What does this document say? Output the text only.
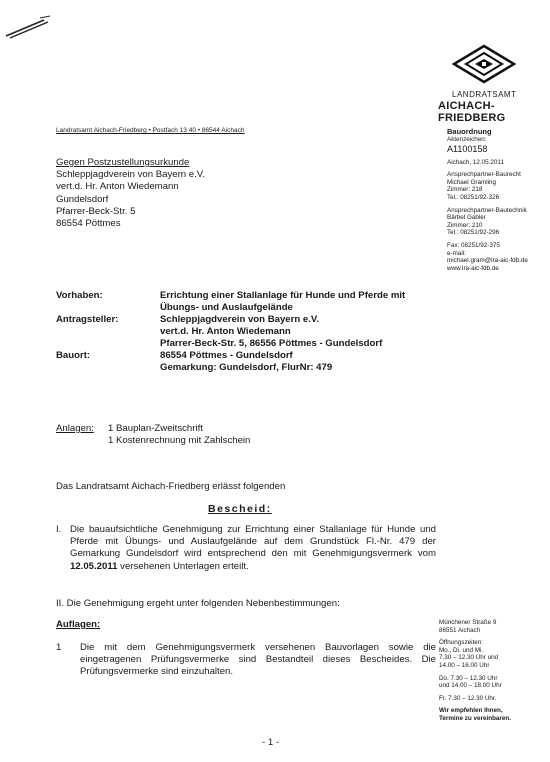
LANDRATSAMT
AICHACH-FRIEDBERG
Landratsamt Aichach-Friedberg • Postfach 13 40 • 86544 Aichach	Bauordnung
Aktenzeichen:
A1100158
Aichach, 12.05.2011
Ansprechpartner-Baurecht
Michael Gramling
Zimmer: 218
Tel.: 08251/92-326
Ansprechpartner-Bautechnik
Bärbel Gabler
Zimmer: 210
Tel.: 08251/92-296
Fax: 08251/92-375
e-mail:
michael.gram@lra-aic-fdb.de
www.lra-aic-fdb.de
Gegen Postzustellungsurkunde
Schleppjagdverein von Bayern e.V.
vert.d. Hr. Anton Wiedemann
Gundelsdorf
Pfarrer-Beck-Str. 5
86554 Pöttmes
Vorhaben:	Errichtung einer Stallanlage für Hunde und Pferde mit
Übungs- und Auslaufgelände
Antragsteller:	Schleppjagdverein von Bayern e.V.
vert.d. Hr. Anton Wiedemann
Pfarrer-Beck-Str. 5, 86556 Pöttmes - Gundelsdorf
Bauort:	86554 Pöttmes - Gundelsdorf
Gemarkung: Gundelsdorf, FlurNr: 479
Anlagen: 1 Bauplan-Zweitschrift
1 Kostenrechnung mit Zahlschein
Das Landratsamt Aichach-Friedberg erlässt folgenden
Bescheid:
I. Die bauaufsichtliche Genehmigung zur Errichtung einer Stallanlage für Hunde und Pferde mit Übungs- und Auslaufgelände auf dem Grundstück Fl.-Nr. 479 der Gemarkung Gundelsdorf wird entsprechend den mit Genehmigungsvermerk vom 12.05.2011 versehenen Unterlagen erteilt.
II. Die Genehmigung ergeht unter folgenden Nebenbestimmungen:
Auflagen:
1 Die mit dem Genehmigungsvermerk versehenen Bauvorlagen sowie die eingetragenen Prüfungsvermerke sind Bestandteil dieses Bescheides. Die Prüfungsvermerke sind einzuhalten.
Münchener Straße 9
86551 Aichach
Öffnungszeiten:
Mo., Di. und Mi.
7.30 – 12.30 Uhr und
14.00 – 16.00 Uhr
Do. 7.30 – 12.30 Uhr
und 14.00 – 18.00 Uhr
Fr. 7.30 – 12.30 Uhr.
Wir empfehlen Ihnen,
Termine zu vereinbaren.
- 1 -
